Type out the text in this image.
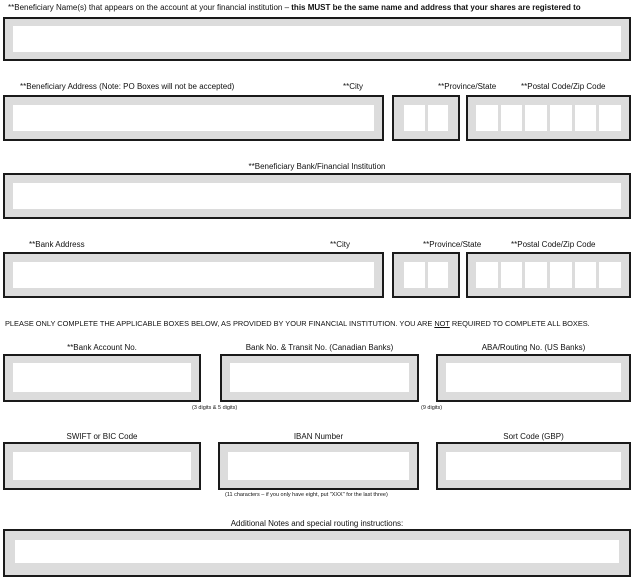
**Beneficiary Name(s) that appears on the account at your financial institution – this MUST be the same name and address that your shares are registered to
**Beneficiary Address (Note: PO Boxes will not be accepted)	**City	**Province/State	**Postal Code/Zip Code
**Beneficiary Bank/Financial Institution
**Bank Address	**City	**Province/State	**Postal Code/Zip Code
PLEASE ONLY COMPLETE THE APPLICABLE BOXES BELOW, AS PROVIDED BY YOUR FINANCIAL INSTITUTION. YOU ARE NOT REQUIRED TO COMPLETE ALL BOXES.
**Bank Account No.	Bank No. & Transit No. (Canadian Banks)	ABA/Routing No. (US Banks)
(3 digits & 5 digits)	(9 digits)
SWIFT or BIC Code	IBAN Number	Sort Code (GBP)
(11 characters – if you only have eight, put "XXX" for the last three)
Additional Notes and special routing instructions:
